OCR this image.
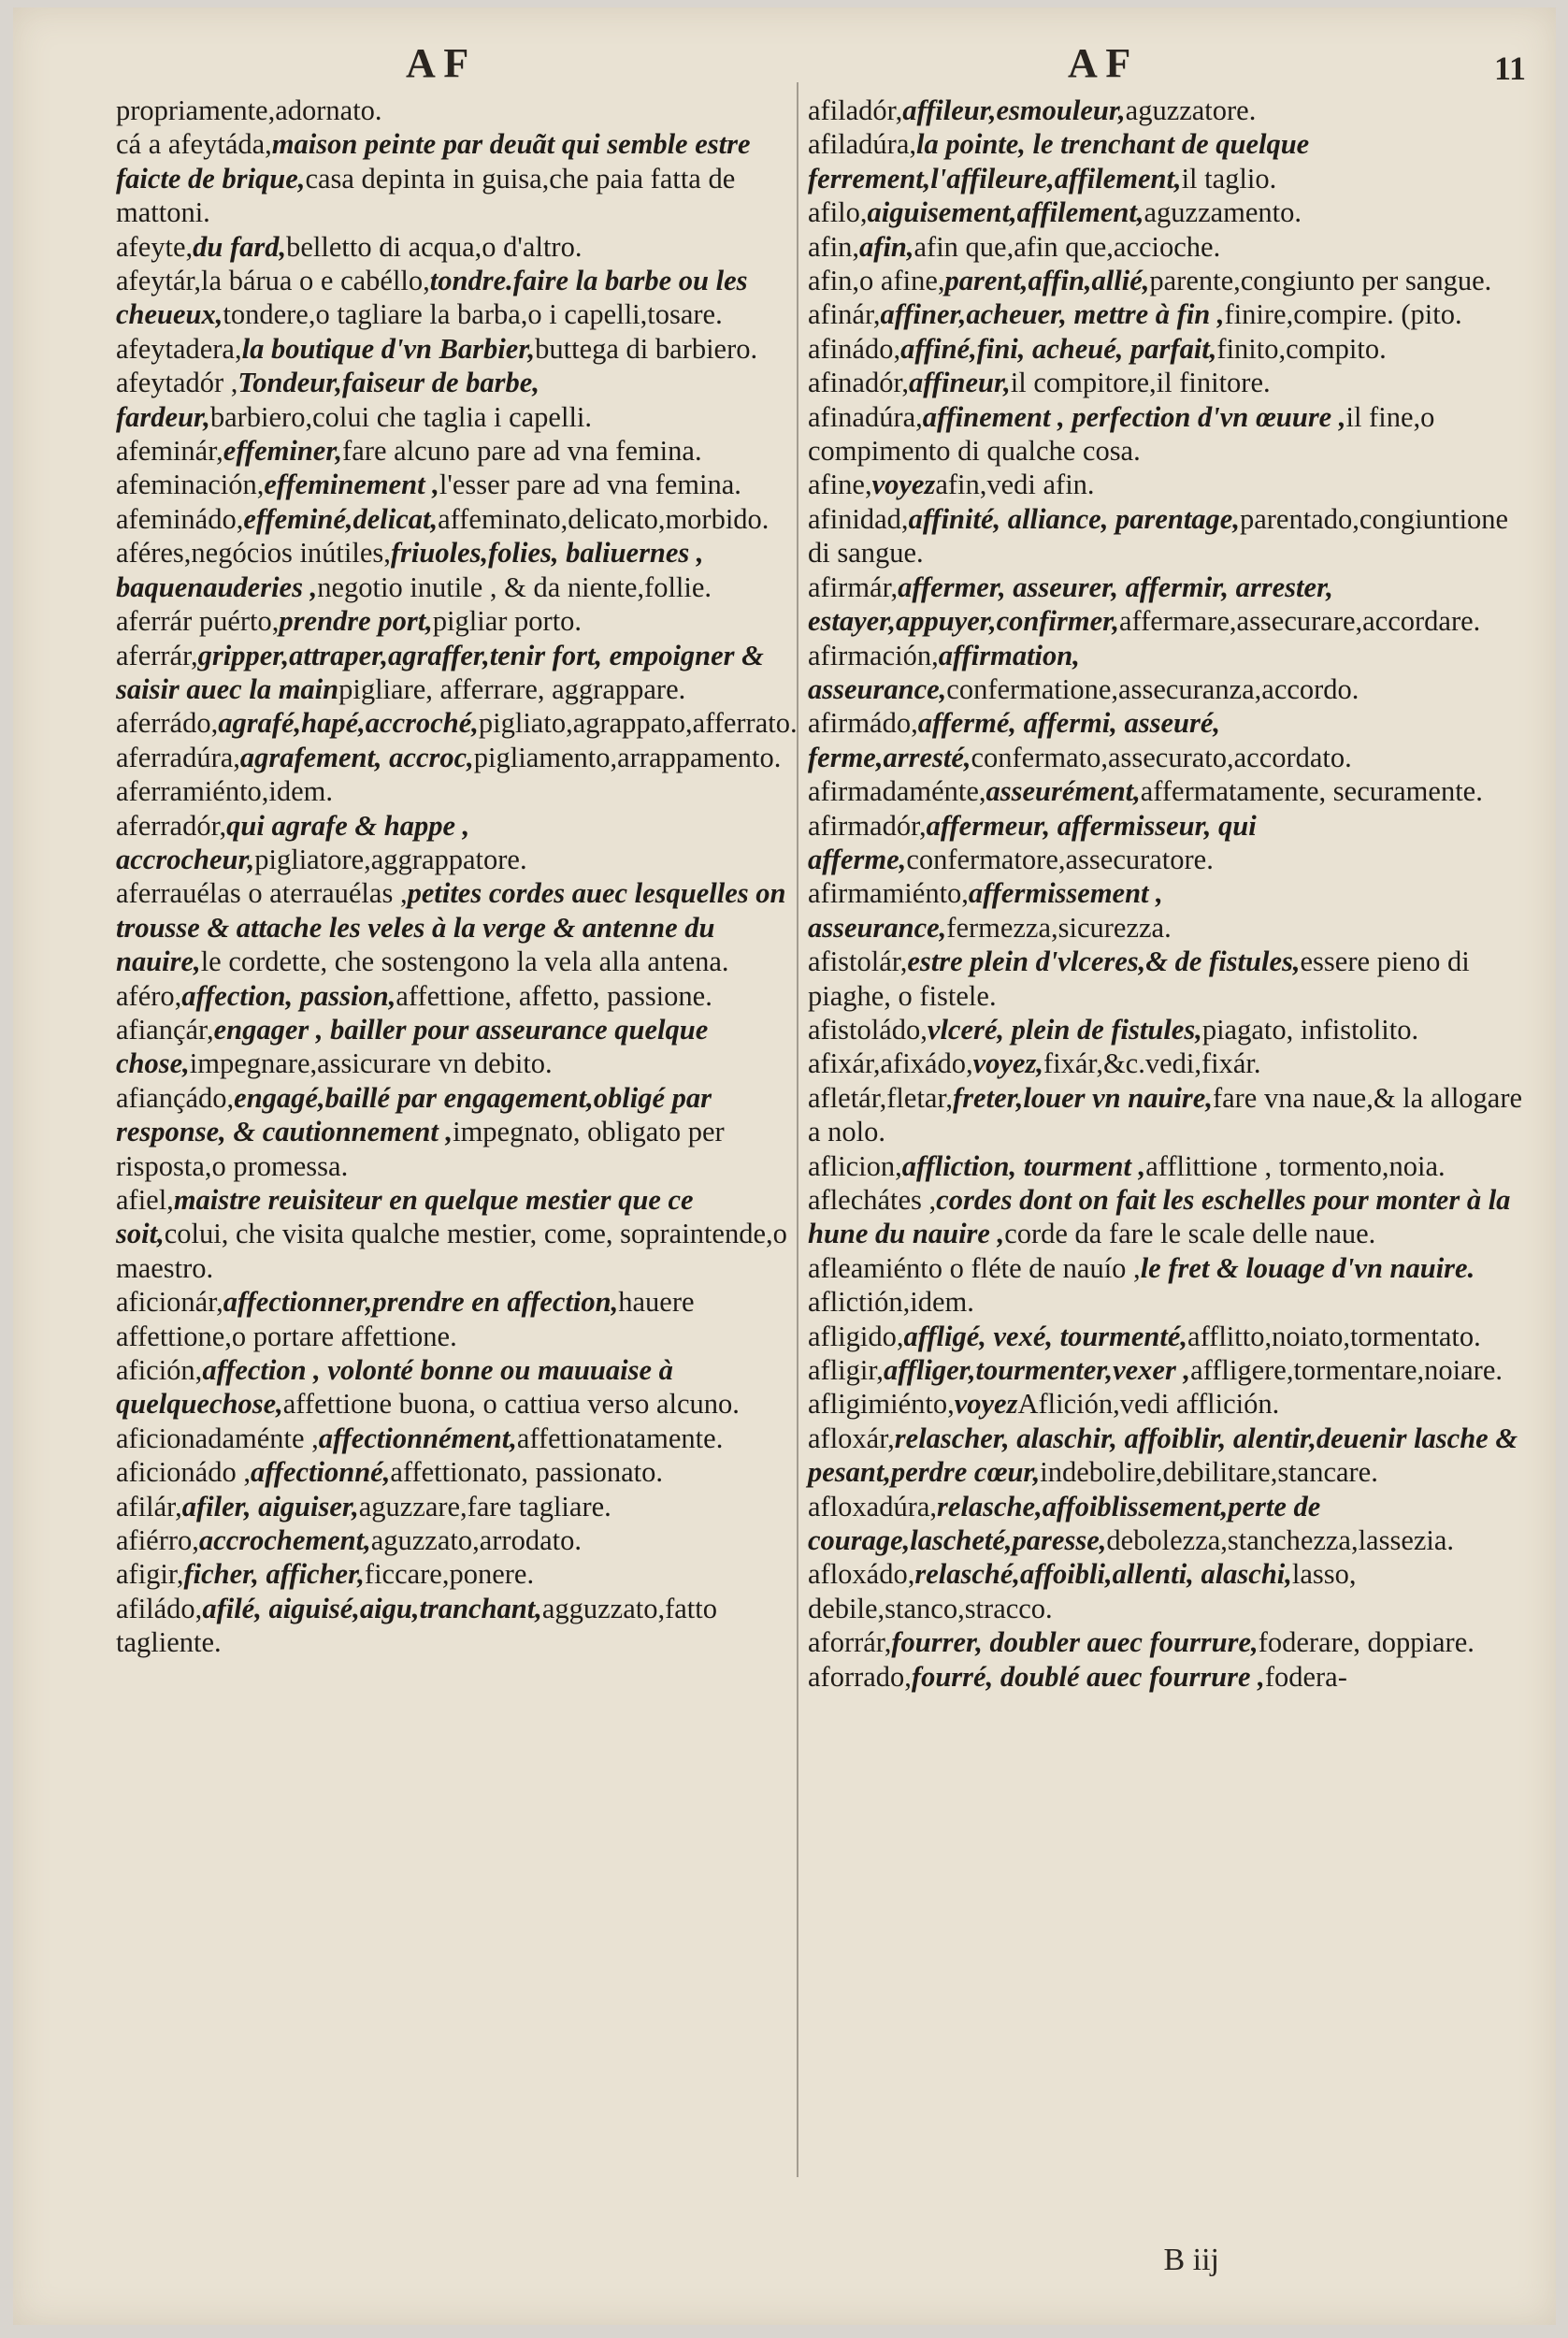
A F	A F	11

propriamente,adornato.

cá a afeytáda,maison peinte par deuãt qui semble estre faicte de brique,casa depinta in guisa,che paia fatta de mattoni.

afeyte,du fard,belletto di acqua,o d'altro.

afeytár,la bárua o e cabéllo,tondre.faire la barbe ou les cheueux,tondere,o tagliare la barba,o i capelli,tosare.

afeytadera,la boutique d'vn Barbier,buttega di barbiero.

afeytadór ,Tondeur,faiseur de barbe, fardeur,barbiero,colui che taglia i capelli.

afeminár,effeminer,fare alcuno pare ad vna femina.

afeminación,effeminement ,l'esser pare ad vna femina.

afeminádo,effeminé,delicat,affeminato,delicato,morbido.

aféres,negócios inútiles,friuoles,folies, baliuernes , baquenauderies ,negotio inutile , & da niente,follie.

aferrár puérto,prendre port,pigliar porto.

aferrár,gripper,attraper,agraffer,tenir fort, empoigner & saisir auec la mainpigliare, afferrare, aggrappare.

aferrádo,agrafé,hapé,accroché,pigliato,agrappato,afferrato.

aferradúra,agrafement, accroc,pigliamento,arrappamento.

aferramiénto,idem.

aferradór,qui agrafe & happe , accrocheur,pigliatore,aggrappatore.

aferrauélas o aterrauélas ,petites cordes auec lesquelles on trousse & attache les veles à la verge & antenne du nauire,le cordette, che sostengono la vela alla antena.

aféro,affection, passion,affettione, affetto, passione.

afiançár,engager , bailler pour asseurance quelque chose,impegnare,assicurare vn debito.

afiançádo,engagé,baillé par engagement,obligé par response, & cautionnement ,impegnato, obligato per risposta,o promessa.

afiel,maistre reuisiteur en quelque mestier que ce soit,colui, che visita qualche mestier, come, sopraintende,o maestro.

aficionár,affectionner,prendre en affection,hauere affettione,o portare affettione.

afición,affection , volonté bonne ou mauuaise à quelquechose,affettione buona, o cattiua verso alcuno.

aficionadaménte ,affectionnément,affettionatamente.

aficionádo ,affectionné,affettionato, passionato.

afilár,afiler, aiguiser,aguzzare,fare tagliare.

afiérro,accrochement,aguzzato,arrodato.

afigir,ficher, afficher,ficcare,ponere.

afiládo,afilé, aiguisé,aigu,tranchant,agguzzato,fatto tagliente.

afiladór,affileur,esmouleur,aguzzatore.

afiladúra,la pointe, le trenchant de quelque ferrement,l'affileure,affilement,il taglio.

afilo,aiguisement,affilement,aguzzamento.

afin,afin,afin que,afin que,accioche.

afin,o afine,parent,affin,allié,parente,congiunto per sangue.

afinár,affiner,acheuer, mettre à fin ,finire,compire. (pito.

afinádo,affiné,fini, acheué, parfait,finito,compito.

afinadór,affineur,il compitore,il finitore.

afinadúra,affinement , perfection d'vn œuure ,il fine,o compimento di qualche cosa.

afine,voyezafin,vedi afin.

afinidad,affinité, alliance, parentage,parentado,congiuntione di sangue.

afirmár,affermer, asseurer, affermir, arrester, estayer,appuyer,confirmer,affermare,assecurare,accordare.

afirmación,affirmation, asseurance,confermatione,assecuranza,accordo.

afirmádo,affermé, affermi, asseuré, ferme,arresté,confermato,assecurato,accordato.

afirmadaménte,asseurément,affermatamente, securamente.

afirmadór,affermeur, affermisseur, qui afferme,confermatore,assecuratore.

afirmamiénto,affermissement , asseurance,fermezza,sicurezza.

afistolár,estre plein d'vlceres,& de fistules,essere pieno di piaghe, o fistele.

afistoládo,vlceré, plein de fistules,piagato, infistolito.

afixár,afixádo,voyez,fixár,&c.vedi,fixár.

afletár,fletar,freter,louer vn nauire,fare vna naue,& la allogare a nolo.

aflicion,affliction, tourment ,afflittione , tormento,noia.

aflechátes ,cordes dont on fait les eschelles pour monter à la hune du nauire ,corde da fare le scale delle naue.

afleamiénto o fléte de nauío ,le fret & louage d'vn nauire.

aflictión,idem.

afligido,affligé, vexé, tourmenté,afflitto,noiato,tormentato.

afligir,affliger,tourmenter,vexer ,affligere,tormentare,noiare.

afligimiénto,voyezAflición,vedi afflición.

afloxár,relascher, alaschir, affoiblir, alentir,deuenir lasche & pesant,perdre cœur,indebolire,debilitare,stancare.

afloxadúra,relasche,affoiblissement,perte de courage,lascheté,paresse,debolezza,stanchezza,lassezia.

afloxádo,relasché,affoibli,allenti, alaschi,lasso, debile,stanco,stracco.

aforrár,fourrer, doubler auec fourrure,foderare, doppiare.

aforrado,fourré, doublé auec fourrure ,fodera-

B iij
